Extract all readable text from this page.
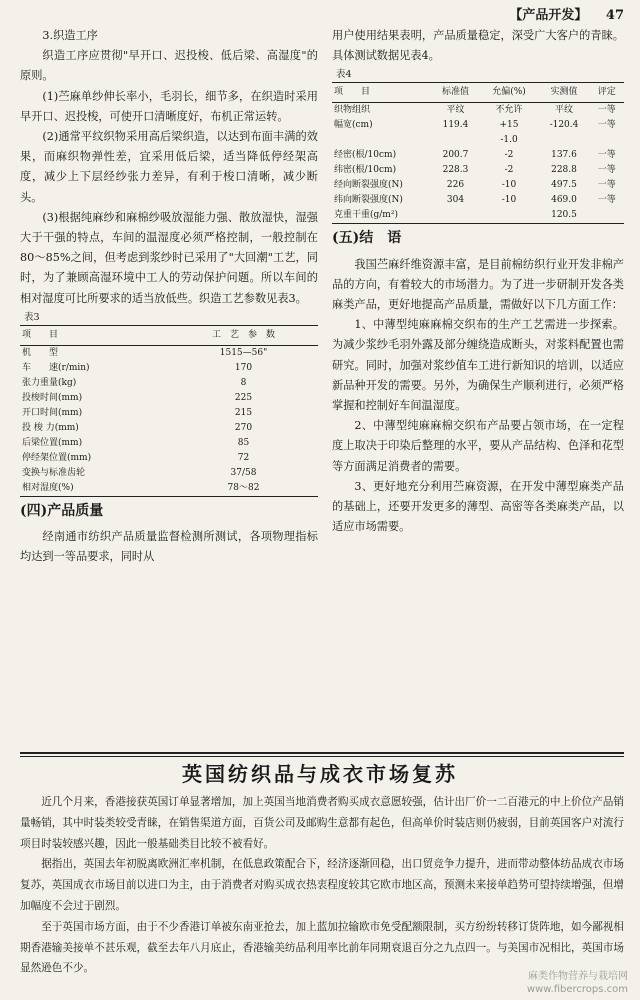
【产品开发】 47
3.织造工序

织造工序应贯彻"早开口、迟投梭、低后梁、高湿度"的原则。

(1)苎麻单纱伸长率小，毛羽长，细节多，在织造时采用早开口、迟投梭，可使开口清晰度好，布机正常运转。

(2)通常平纹织物采用高后梁织造，以达到布面丰满的效果，而麻织物弹性差，宜采用低后梁，适当降低停经架高度，减少上下层经纱张力差异，有利于梭口清晰，减少断头。

(3)根据纯麻纱和麻棉纱吸放湿能力强、散放湿快，湿强大于干强的特点，车间的温湿度必须严格控制，一般控制在80～85%之间，但考虑到浆纱时已采用了"大回潮"工艺，同时，为了兼顾高湿环境中工人的劳动保护问题。所以车间的相对湿度可比所要求的适当放低些。织造工艺参数见表3。

表3
项　　目	工　艺　参　数
机　　型	1515—56"
车　　速(r/min)	170
张力重量(kg)	8
投梭时间(mm)	225
开口时间(mm)	215
投 梭 力(mm)	270
后梁位置(mm)	85
停经架位置(mm)	72
变换与标准齿轮	37/58
相对湿度(%)	78～82
(四)产品质量

经南通市纺织产品质量监督检测所测试，各项物理指标均达到一等品要求，同时从

用户使用结果表明，产品质量稳定，深受广大客户的青睐。具体测试数据见表4。

表4
项　　目	标准值	允偏(%)	实测值	评定
织物组织	平纹	不允许	平纹	一等
幅宽(cm)	119.4	+15	-120.4	一等
		-1.0		
经密(根/10cm)	200.7	-2	137.6	一等
纬密(根/10cm)	228.3	-2	228.8	一等
经向断裂强度(N)	226	-10	497.5	一等
纬向断裂强度(N)	304	-10	469.0	一等
克重干重(g/m²)			120.5	
(五)结　语

我国苎麻纤维资源丰富，是目前棉纺织行业开发非棉产品的方向，有着较大的市场潜力。为了进一步研制开发各类麻类产品，更好地提高产品质量，需做好以下几方面工作：

1、中薄型纯麻麻棉交织布的生产工艺需进一步探索。为减少浆纱毛羽外露及部分缠绕造成断头，对浆料配置也需研究。同时，加强对浆纱值车工进行新知识的培训，以适应新品种开发的需要。另外，为确保生产顺利进行，必须严格掌握和控制好车间温湿度。

2、中薄型纯麻麻棉交织布产品要占领市场，在一定程度上取决于印染后整理的水平，要从产品结构、色泽和花型等方面满足消费者的需要。

3、更好地充分利用苎麻资源，在开发中薄型麻类产品的基础上，还要开发更多的薄型、高密等各类麻类产品，以适应市场需要。

英国纺织品与成衣市场复苏

近几个月来，香港接获英国订单显著增加，加上英国当地消费者购买成衣意愿较强，估计出厂价一二百港元的中上价位产品销量畅销，其中时装类较受青睐，在销售渠道方面，百货公司及邮购生意都有起色，但高单价时装店则仍疲弱，目前英国客户对流行项目时装较感兴趣，因此一般基础类目比较不被看好。

据指出，英国去年初脱离欧洲汇率机制，在低息政策配合下，经济逐渐回稳，出口贸竞争力提升，进而带动整体纺品成衣市场复苏，英国成衣市场目前以进口为主，由于消费者对购买成衣热衷程度较其它欧市地区高，预测未来接单趋势可望持续增强，但增加幅度不会过于剧烈。

至于英国市场方面，由于不少香港订单被东南亚抢去，加上蓝加拉输欧市免受配额限制，买方纷纷转移订货阵地，如今鄙视相期香港输美接单不甚乐观，截至去年八月底止，香港输美纺品利用率比前年同期衰退百分之九点四一。与美国市况相比，英国市场显然逊色不少。

麻类作物营养与栽培网
www.fibercrops.com
